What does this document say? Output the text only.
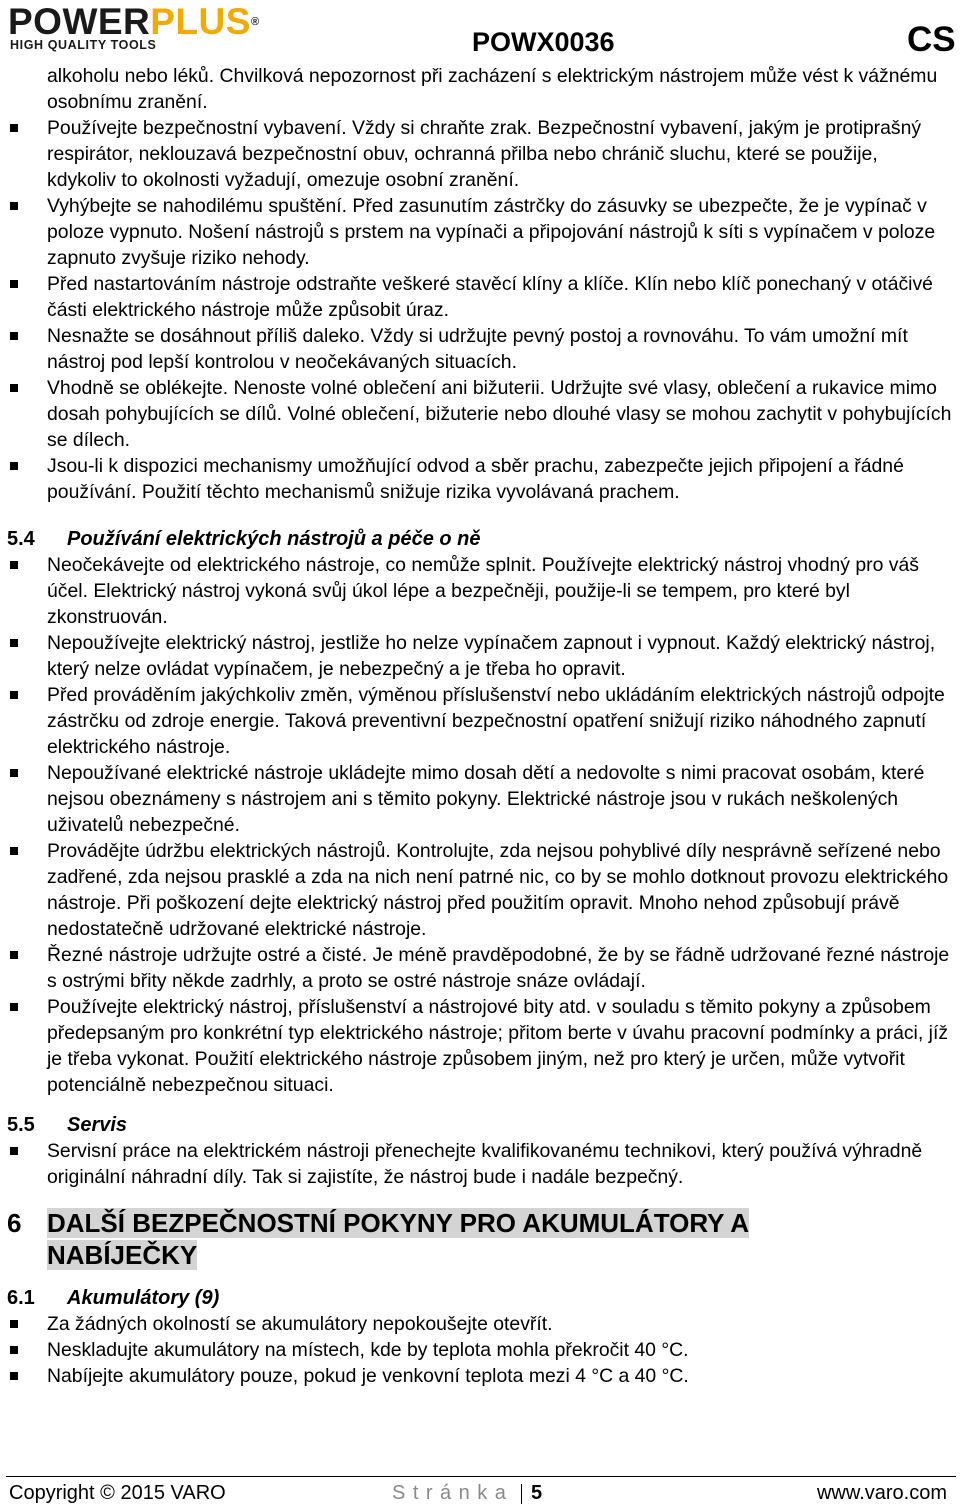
POWERPLUS®
HIGH QUALITY TOOLS	POWX0036	CS

alkoholu nebo léků. Chvilková nepozornost při zacházení s elektrickým nástrojem může vést k vážnému osobnímu zranění.

Používejte bezpečnostní vybavení. Vždy si chraňte zrak. Bezpečnostní vybavení, jakým je protiprašný respirátor, neklouzavá bezpečnostní obuv, ochranná přilba nebo chránič sluchu, které se použije, kdykoliv to okolnosti vyžadují, omezuje osobní zranění.
Vyhýbejte se nahodilému spuštění. Před zasunutím zástrčky do zásuvky se ubezpečte, že je vypínač v poloze vypnuto. Nošení nástrojů s prstem na vypínači a připojování nástrojů k síti s vypínačem v poloze zapnuto zvyšuje riziko nehody.
Před nastartováním nástroje odstraňte veškeré stavěcí klíny a klíče. Klín nebo klíč ponechaný v otáčivé části elektrického nástroje může způsobit úraz.
Nesnažte se dosáhnout příliš daleko. Vždy si udržujte pevný postoj a rovnováhu. To vám umožní mít nástroj pod lepší kontrolou v neočekávaných situacích.
Vhodně se oblékejte. Nenoste volné oblečení ani bižuterii. Udržujte své vlasy, oblečení a rukavice mimo dosah pohybujících se dílů. Volné oblečení, bižuterie nebo dlouhé vlasy se mohou zachytit v pohybujících se dílech.
Jsou-li k dispozici mechanismy umožňující odvod a sběr prachu, zabezpečte jejich připojení a řádné používání. Použití těchto mechanismů snižuje rizika vyvolávaná prachem.
5.4 Používání elektrických nástrojů a péče o ně
Neočekávejte od elektrického nástroje, co nemůže splnit. Používejte elektrický nástroj vhodný pro váš účel. Elektrický nástroj vykoná svůj úkol lépe a bezpečněji, použije-li se tempem, pro které byl zkonstruován.
Nepoužívejte elektrický nástroj, jestliže ho nelze vypínačem zapnout i vypnout. Každý elektrický nástroj, který nelze ovládat vypínačem, je nebezpečný a je třeba ho opravit.
Před prováděním jakýchkoliv změn, výměnou příslušenství nebo ukládáním elektrických nástrojů odpojte zástrčku od zdroje energie. Taková preventivní bezpečnostní opatření snižují riziko náhodného zapnutí elektrického nástroje.
Nepoužívané elektrické nástroje ukládejte mimo dosah dětí a nedovolte s nimi pracovat osobám, které nejsou obeznámeny s nástrojem ani s těmito pokyny. Elektrické nástroje jsou v rukách neškolených uživatelů nebezpečné.
Provádějte údržbu elektrických nástrojů. Kontrolujte, zda nejsou pohyblivé díly nesprávně seřízené nebo zadřené, zda nejsou prasklé a zda na nich není patrné nic, co by se mohlo dotknout provozu elektrického nástroje. Při poškození dejte elektrický nástroj před použitím opravit. Mnoho nehod způsobují právě nedostatečně udržované elektrické nástroje.
Řezné nástroje udržujte ostré a čisté. Je méně pravděpodobné, že by se řádně udržované řezné nástroje s ostrými břity někde zadrhly, a proto se ostré nástroje snáze ovládají.
Používejte elektrický nástroj, příslušenství a nástrojové bity atd. v souladu s těmito pokyny a způsobem předepsaným pro konkrétní typ elektrického nástroje; přitom berte v úvahu pracovní podmínky a práci, jíž je třeba vykonat. Použití elektrického nástroje způsobem jiným, než pro který je určen, může vytvořit potenciálně nebezpečnou situaci.
5.5 Servis
Servisní práce na elektrickém nástroji přenechejte kvalifikovanému technikovi, který používá výhradně originální náhradní díly. Tak si zajistíte, že nástroj bude i nadále bezpečný.
6 DALŠÍ BEZPEČNOSTNÍ POKYNY PRO AKUMULÁTORY A
NABÍJEČKY
6.1 Akumulátory (9)
Za žádných okolností se akumulátory nepokoušejte otevřít.
Neskladujte akumulátory na místech, kde by teplota mohla překročit 40 °C.
Nabíjejte akumulátory pouze, pokud je venkovní teplota mezi 4 °C a 40 °C.
Copyright © 2015 VARO	Stránka 5	www.varo.com
